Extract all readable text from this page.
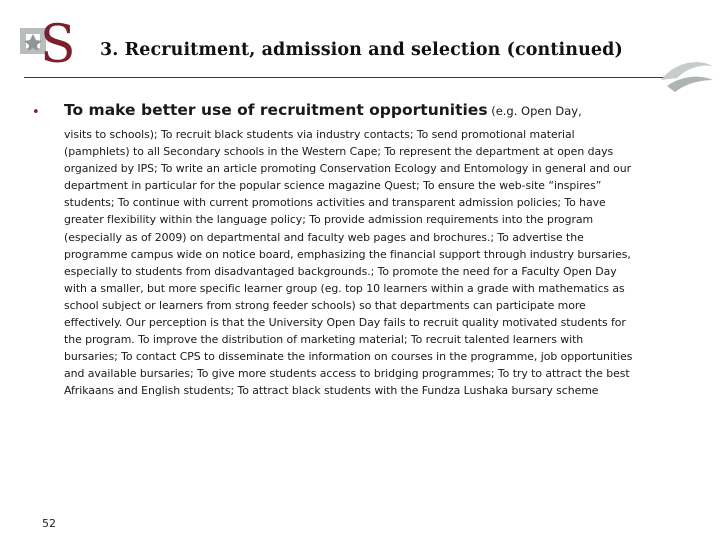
S 3. Recruitment, admission and selection (continued)
• To make better use of recruitment opportunities (e.g. Open Day,

visits to schools); To recruit black students via industry contacts; To send promotional material (pamphlets) to all Secondary schools in the Western Cape; To represent the department at open days organized by IPS; To write an article promoting Conservation Ecology and Entomology in general and our department in particular for the popular science magazine Quest; To ensure the web-site “inspires” students; To continue with current promotions activities and transparent admission policies; To have greater flexibility within the language policy; To provide admission requirements into the program (especially as of 2009) on departmental and faculty web pages and brochures.; To advertise the programme campus wide on notice board, emphasizing the financial support through industry bursaries, especially to students from disadvantaged backgrounds.; To promote the need for a Faculty Open Day with a smaller, but more specific learner group (eg. top 10 learners within a grade with mathematics as school subject or learners from strong feeder schools) so that departments can participate more effectively. Our perception is that the University Open Day fails to recruit quality motivated students for the program. To improve the distribution of marketing material; To recruit talented learners with bursaries; To contact CPS to disseminate the information on courses in the programme, job opportunities and available bursaries; To give more students access to bridging programmes; To try to attract the best Afrikaans and English students; To attract black students with the Fundza Lushaka bursary scheme

52
